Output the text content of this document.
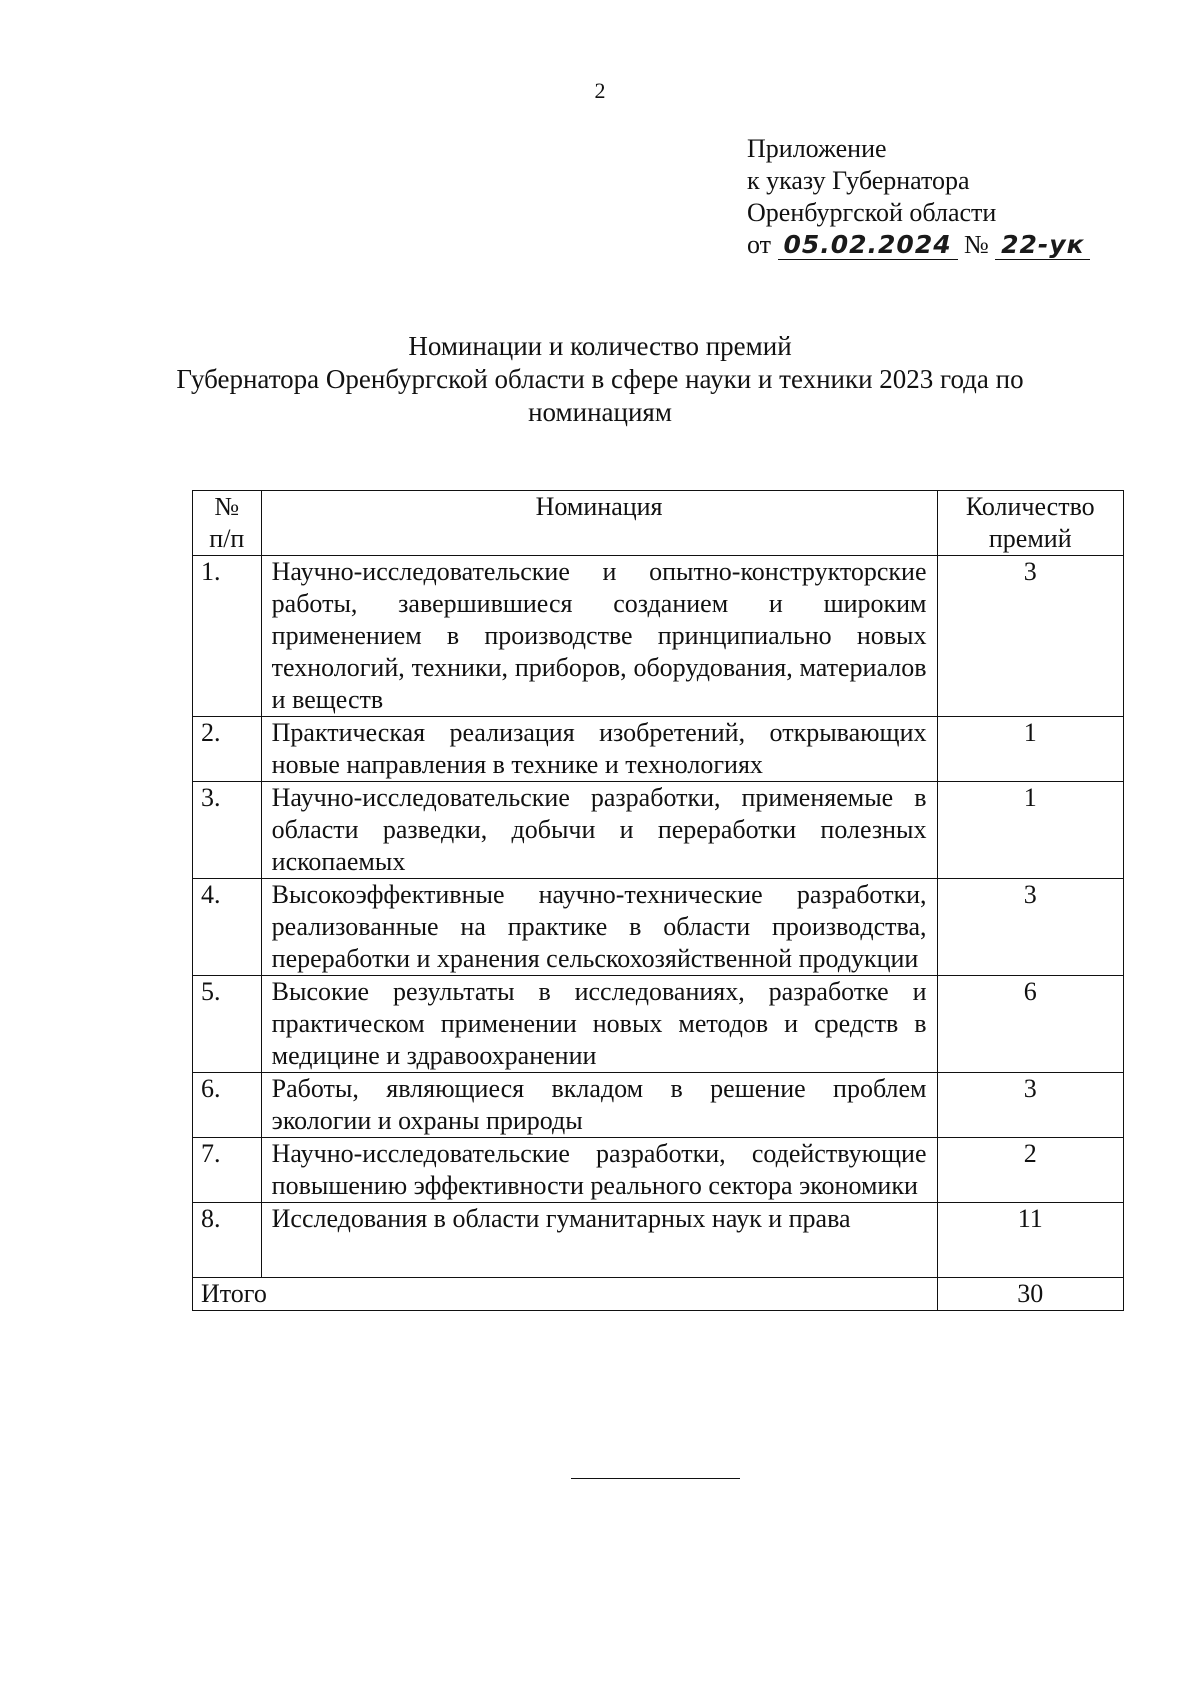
2
Приложение
к указу Губернатора
Оренбургской области
от 05.02.2024 № 22-ук
Номинации и количество премий
Губернатора Оренбургской области в сфере науки и техники 2023 года по
номинациям
№ п/п	Номинация	Количество премий
1.	Научно-исследовательские и опытно-конструкторские работы, завершившиеся созданием и широким применением в производстве принципиально новых технологий, техники, приборов, оборудования, материалов и веществ	3
2.	Практическая реализация изобретений, открывающих новые направления в технике и технологиях	1
3.	Научно-исследовательские разработки, применяемые в области разведки, добычи и переработки полезных ископаемых	1
4.	Высокоэффективные научно-технические разработки, реализованные на практике в области производства, переработки и хранения сельскохозяйственной продукции	3
5.	Высокие результаты в исследованиях, разработке и практическом применении новых методов и средств в медицине и здравоохранении	6
6.	Работы, являющиеся вкладом в решение проблем экологии и охраны природы	3
7.	Научно-исследовательские разработки, содействующие повышению эффективности реального сектора экономики	2
8.	Исследования в области гуманитарных наук и права	11
Итого		30
